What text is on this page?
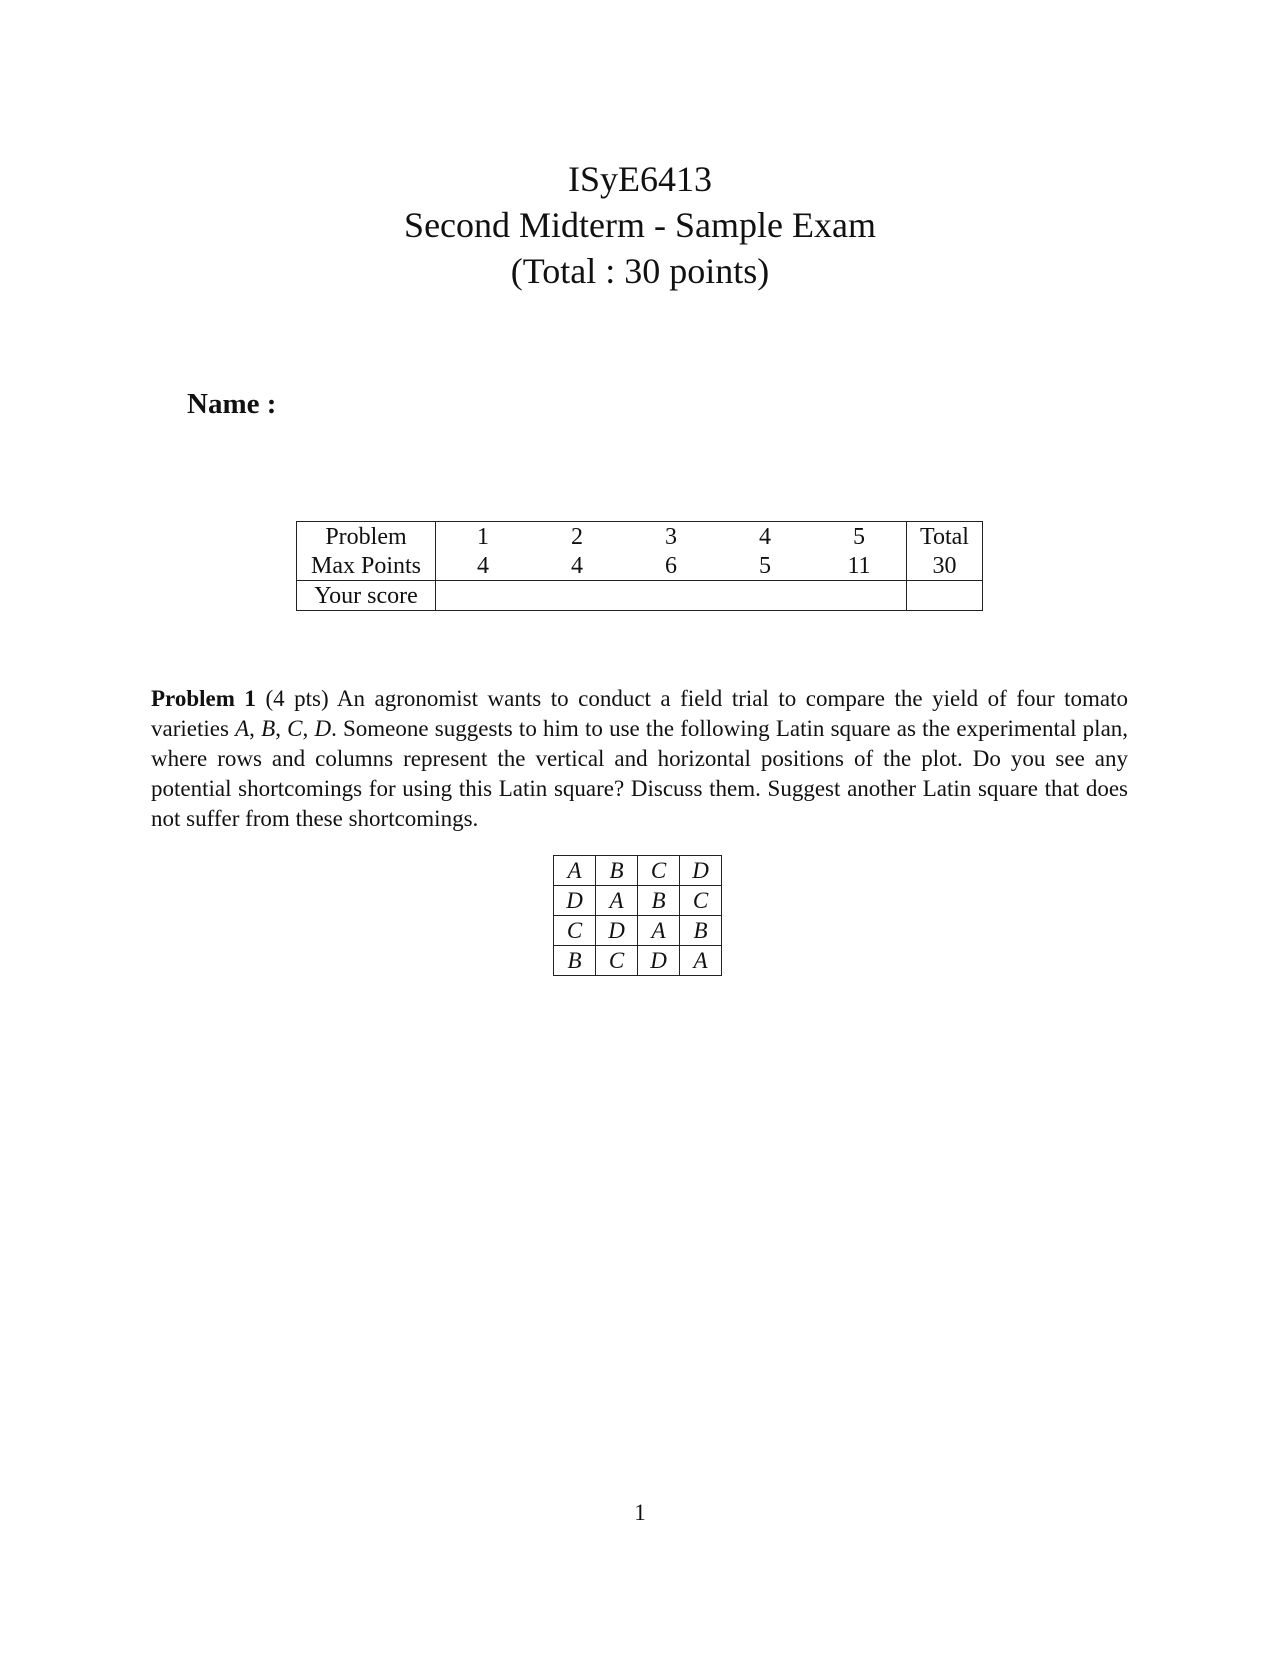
ISyE6413
Second Midterm - Sample Exam
(Total : 30 points)
Name :
Problem	1	2	3	4	5	Total
Max Points	4	4	6	5	11	30
Your score						
Problem 1 (4 pts) An agronomist wants to conduct a field trial to compare the yield of four tomato varieties A, B, C, D. Someone suggests to him to use the following Latin square as the experimental plan, where rows and columns represent the vertical and horizontal positions of the plot. Do you see any potential shortcomings for using this Latin square? Discuss them. Suggest another Latin square that does not suffer from these shortcomings.
A	B	C	D
D	A	B	C
C	D	A	B
B	C	D	A
1
